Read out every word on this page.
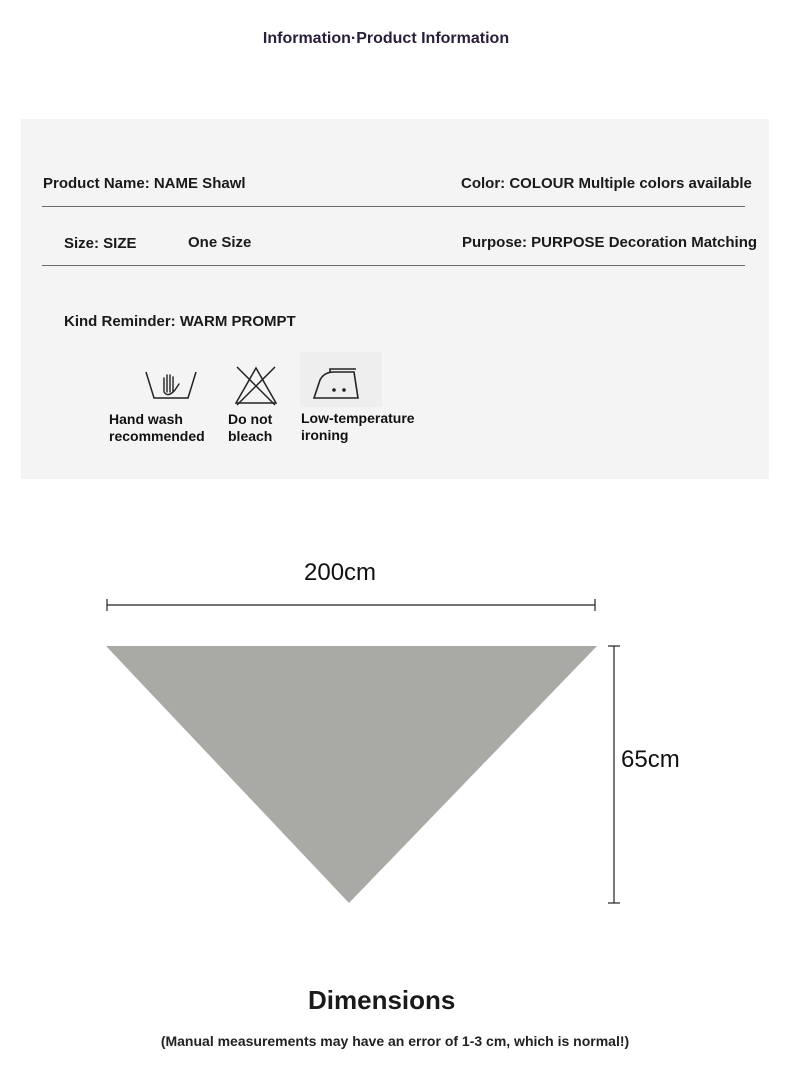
Information·Product Information
Product Name: NAME Shawl	Color: COLOUR Multiple colors available
Size: SIZE	One Size	Purpose: PURPOSE Decoration Matching
Kind Reminder: WARM PROMPT
Hand wash
recommended
Do not
bleach
Low-temperature
ironing
200cm
65cm
Dimensions
(Manual measurements may have an error of 1-3 cm, which is normal!)
